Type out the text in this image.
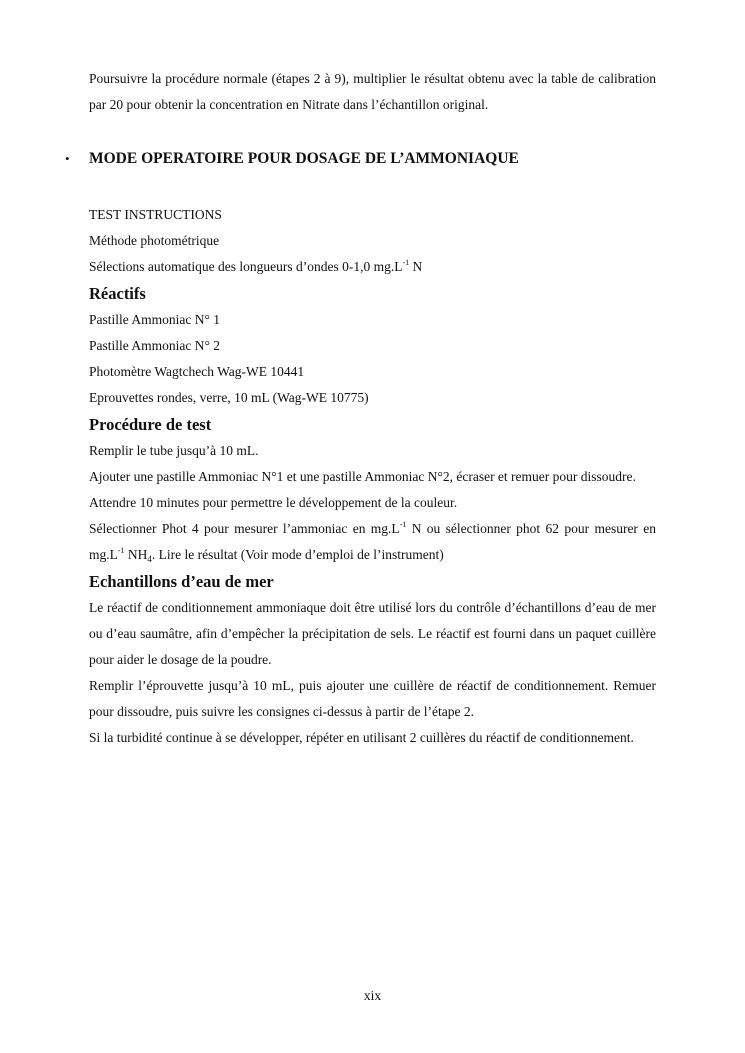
Poursuivre la procédure normale (étapes 2 à 9), multiplier le résultat obtenu avec la table de calibration par 20 pour obtenir la concentration en Nitrate dans l’échantillon original.

• MODE OPERATOIRE POUR DOSAGE DE L’AMMONIAQUE

TEST INSTRUCTIONS

Méthode photométrique

Sélections automatique des longueurs d’ondes 0-1,0 $mg.L^{-1}$ N

Réactifs

Pastille Ammoniac N° 1

Pastille Ammoniac N° 2

Photomètre Wagtchech Wag-WE 10441

Eprouvettes rondes, verre, 10 mL (Wag-WE 10775)

Procédure de test

Remplir le tube jusqu’à 10 mL.

Ajouter une pastille Ammoniac N°1 et une pastille Ammoniac N°2, écraser et remuer pour dissoudre.

Attendre 10 minutes pour permettre le développement de la couleur.

Sélectionner Phot 4 pour mesurer l’ammoniac en $mg.L^{-1}$ N ou sélectionner phot 62 pour mesurer en $mg.L^{-1}$ $NH_4$. Lire le résultat (Voir mode d’emploi de l’instrument)

Echantillons d’eau de mer

Le réactif de conditionnement ammoniaque doit être utilisé lors du contrôle d’échantillons d’eau de mer ou d’eau saumâtre, afin d’empêcher la précipitation de sels. Le réactif est fourni dans un paquet cuillère pour aider le dosage de la poudre.

Remplir l’éprouvette jusqu’à 10 mL, puis ajouter une cuillère de réactif de conditionnement. Remuer pour dissoudre, puis suivre les consignes ci-dessus à partir de l’étape 2.

Si la turbidité continue à se développer, répéter en utilisant 2 cuillères du réactif de conditionnement.

xix
